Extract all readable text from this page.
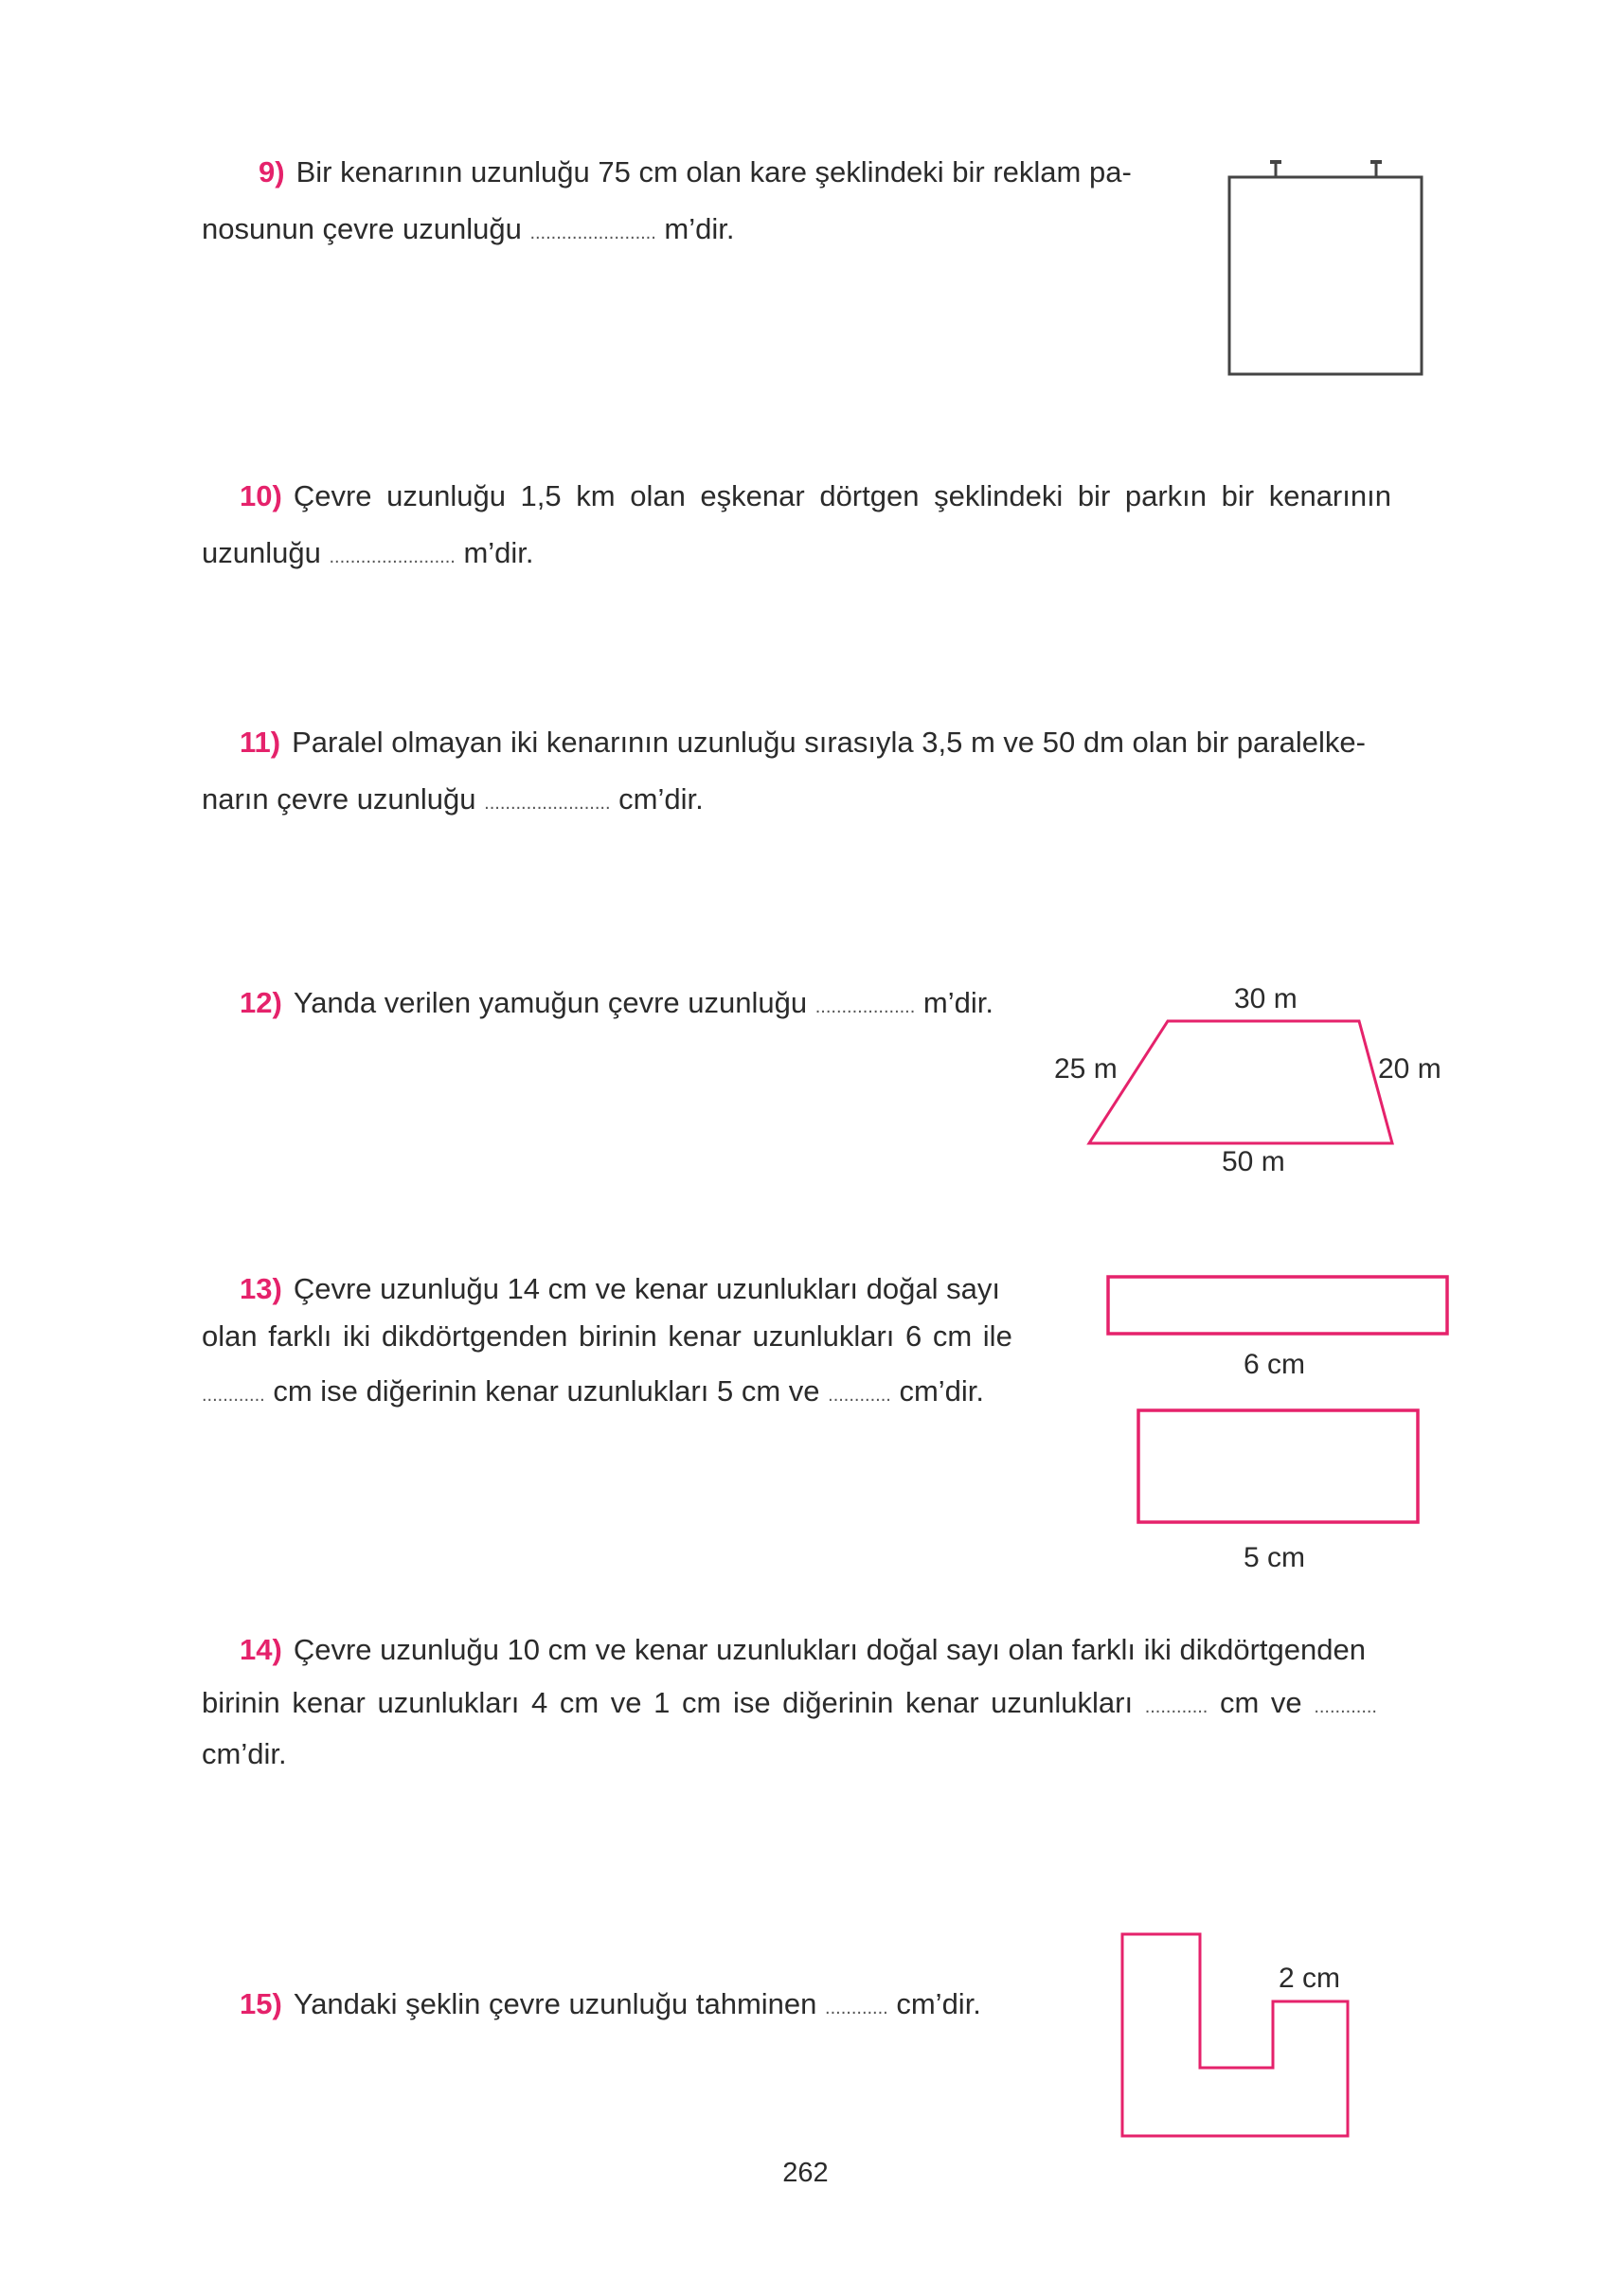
9) Bir kenarının uzunluğu 75 cm olan kare şeklindeki bir reklam pa-
nosunun çevre uzunluğu ........................ m’dir.
10) Çevre uzunluğu 1,5 km olan eşkenar dörtgen şeklindeki bir parkın bir kenarının
uzunluğu ........................ m’dir.
11) Paralel olmayan iki kenarının uzunluğu sırasıyla 3,5 m ve 50 dm olan bir paralelke-
narın çevre uzunluğu ........................ cm’dir.
12) Yanda verilen yamuğun çevre uzunluğu ................... m’dir.	30 m
25 m	20 m
50 m
13) Çevre uzunluğu 14 cm ve kenar uzunlukları doğal sayı
olan farklı iki dikdörtgenden birinin kenar uzunlukları 6 cm ile
............ cm ise diğerinin kenar uzunlukları 5 cm ve ............ cm’dir.
6 cm
5 cm
14) Çevre uzunluğu 10 cm ve kenar uzunlukları doğal sayı olan farklı iki dikdörtgenden
birinin kenar uzunlukları 4 cm ve 1 cm ise diğerinin kenar uzunlukları ............ cm ve ............
cm’dir.
15) Yandaki şeklin çevre uzunluğu tahminen ............ cm’dir.
2 cm
262
